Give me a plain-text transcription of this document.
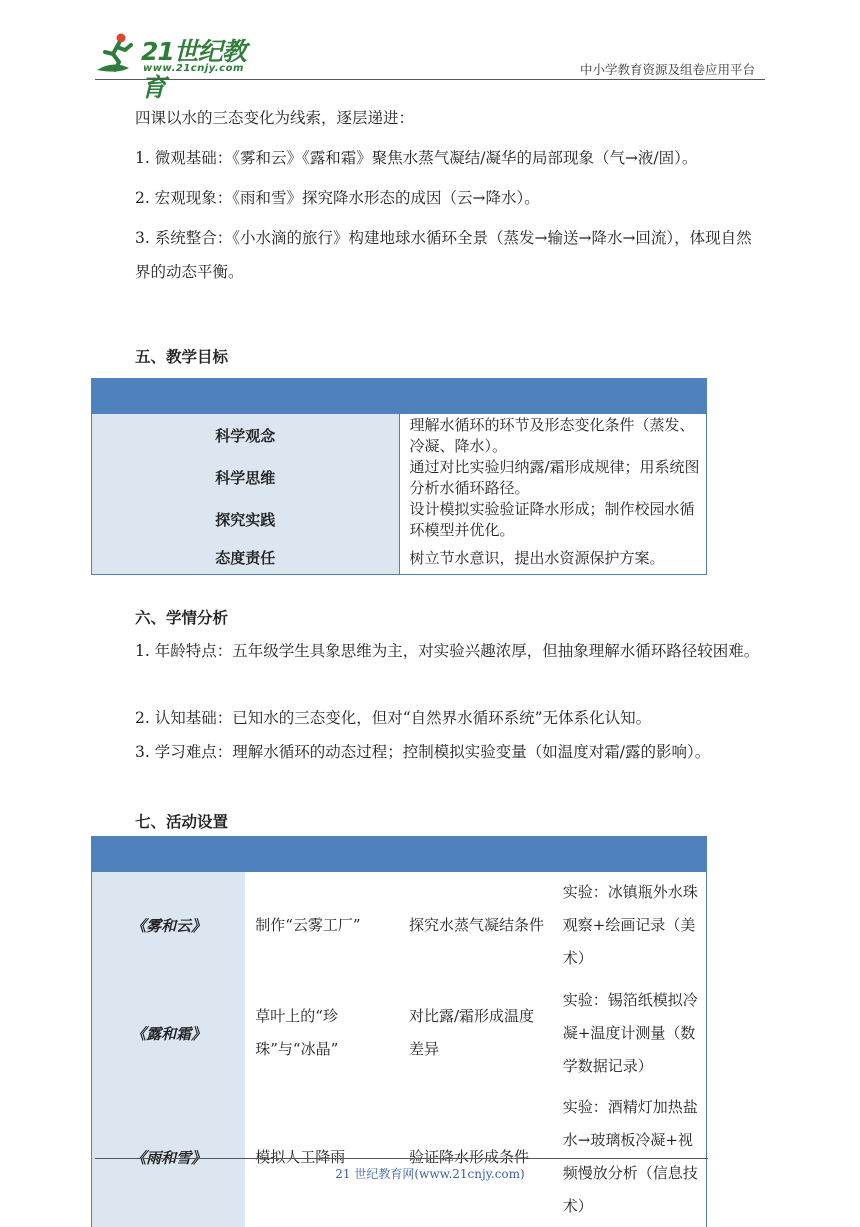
21世纪教育
www.21cnjy.com	中小学教育资源及组卷应用平台
四课以水的三态变化为线索，逐层递进：
1. 微观基础：《雾和云》《露和霜》聚焦水蒸气凝结/凝华的局部现象（气→液/固）。
2. 宏观现象：《雨和雪》探究降水形态的成因（云→降水）。
3. 系统整合：《小水滴的旅行》构建地球水循环全景（蒸发→输送→降水→回流），体现自然界的动态平衡。
五、教学目标

科学观念	理解水循环的环节及形态变化条件（蒸发、冷凝、降水）。
科学思维	通过对比实验归纳露/霜形成规律；用系统图分析水循环路径。
探究实践	设计模拟实验验证降水形成；制作校园水循环模型并优化。
态度责任	树立节水意识，提出水资源保护方案。
六、学情分析
1. 年龄特点：五年级学生具象思维为主，对实验兴趣浓厚，但抽象理解水循环路径较困难。
2. 认知基础：已知水的三态变化，但对“自然界水循环系统”无体系化认知。
3. 学习难点：理解水循环的动态过程；控制模拟实验变量（如温度对霜/露的影响）。
七、活动设置

《雾和云》	制作“云雾工厂”	探究水蒸气凝结条件	实验：冰镇瓶外水珠观察+绘画记录（美术）
《露和霜》	草叶上的“珍珠”与“冰晶”	对比露/霜形成温度差异	实验：锡箔纸模拟冷凝+温度计测量（数学数据记录）
《雨和雪》	模拟人工降雨	验证降水形成条件	实验：酒精灯加热盐水→玻璃板冷凝+视频慢放分析（信息技术）
21 世纪教育网(www.21cnjy.com)
